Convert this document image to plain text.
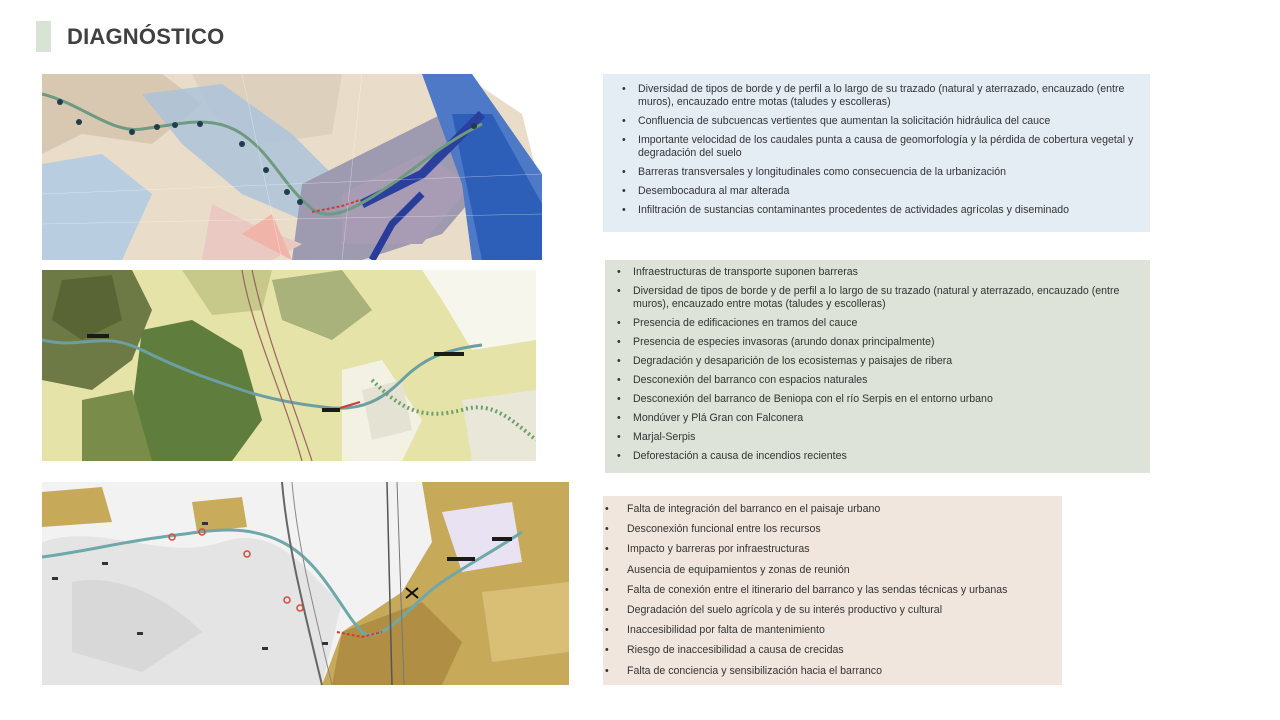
DIAGNÓSTICO
• Diversidad de tipos de borde y de perfil a lo largo de su trazado (natural y aterrazado, encauzado (entre muros), encauzado entre motas (taludes y escolleras)
• Confluencia de subcuencas vertientes que aumentan la solicitación hidráulica del cauce
• Importante velocidad de los caudales punta a causa de geomorfología y la pérdida de cobertura vegetal y degradación del suelo
• Barreras transversales y longitudinales como consecuencia de la urbanización
• Desembocadura al mar alterada
• Infiltración de sustancias contaminantes procedentes de actividades agrícolas y diseminado
• Infraestructuras de transporte suponen barreras
• Diversidad de tipos de borde y de perfil a lo largo de su trazado (natural y aterrazado, encauzado (entre muros), encauzado entre motas (taludes y escolleras)
• Presencia de edificaciones en tramos del cauce
• Presencia de especies invasoras (arundo donax principalmente)
• Degradación y desaparición de los ecosistemas y paisajes de ribera
• Desconexión del barranco con espacios naturales
• Desconexión del barranco de Beniopa con el río Serpis en el entorno urbano
• Mondúver y Plá Gran con Falconera
• Marjal-Serpis
• Deforestación a causa de incendios recientes
• Falta de integración del barranco en el paisaje urbano
• Desconexión funcional entre los recursos
• Impacto y barreras por infraestructuras
• Ausencia de equipamientos y zonas de reunión
• Falta de conexión entre el itinerario del barranco y las sendas técnicas y urbanas
• Degradación del suelo agrícola y de su interés productivo y cultural
• Inaccesibilidad por falta de mantenimiento
• Riesgo de inaccesibilidad a causa de crecidas
• Falta de conciencia y sensibilización hacia el barranco
